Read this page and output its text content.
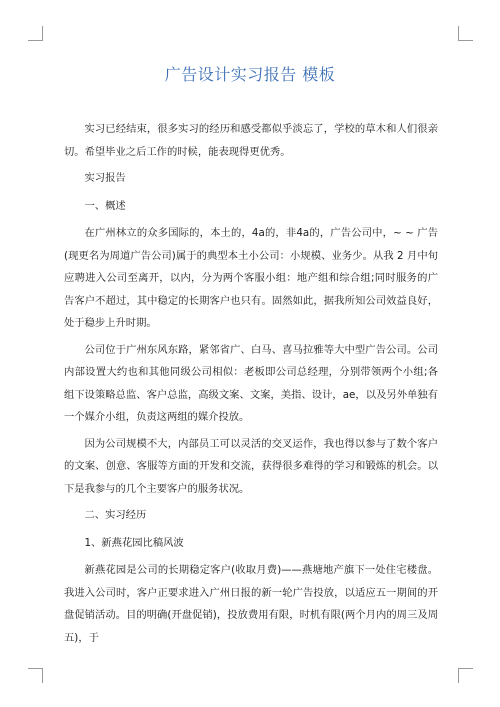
广告设计实习报告 模板

实习已经结束，很多实习的经历和感受都似乎淡忘了，学校的草木和人们很亲切。希望毕业之后工作的时候，能表现得更优秀。

实习报告

一、概述

在广州林立的众多国际的，本土的，4a的，非4a的，广告公司中，~ ~ 广告(现更名为周道广告公司)属于的典型本土小公司：小规模、业务少。从我 2 月中旬应聘进入公司至离开，以内，分为两个客服小组：地产组和综合组;同时服务的广告客户不超过，其中稳定的长期客户也只有。固然如此，据我所知公司效益良好，处于稳步上升时期。

公司位于广州东风东路，紧邻省广、白马、喜马拉雅等大中型广告公司。公司内部设置大约也和其他同级公司相似：老板即公司总经理，分别带领两个小组;各组下设策略总监、客户总监，高级文案、文案，美指、设计，ae，以及另外单独有一个媒介小组，负责这两组的媒介投放。

因为公司规模不大，内部员工可以灵活的交叉运作，我也得以参与了数个客户的文案、创意、客服等方面的开发和交流，获得很多难得的学习和锻炼的机会。以下是我参与的几个主要客户的服务状况。

二、实习经历

1、新燕花园比稿风波

新燕花园是公司的长期稳定客户(收取月费)——燕塘地产旗下一处住宅楼盘。我进入公司时，客户正要求进入广州日报的新一轮广告投放，以适应五一期间的开盘促销活动。目的明确(开盘促销)，投放费用有限，时机有限(两个月内的周三及周五)，于
